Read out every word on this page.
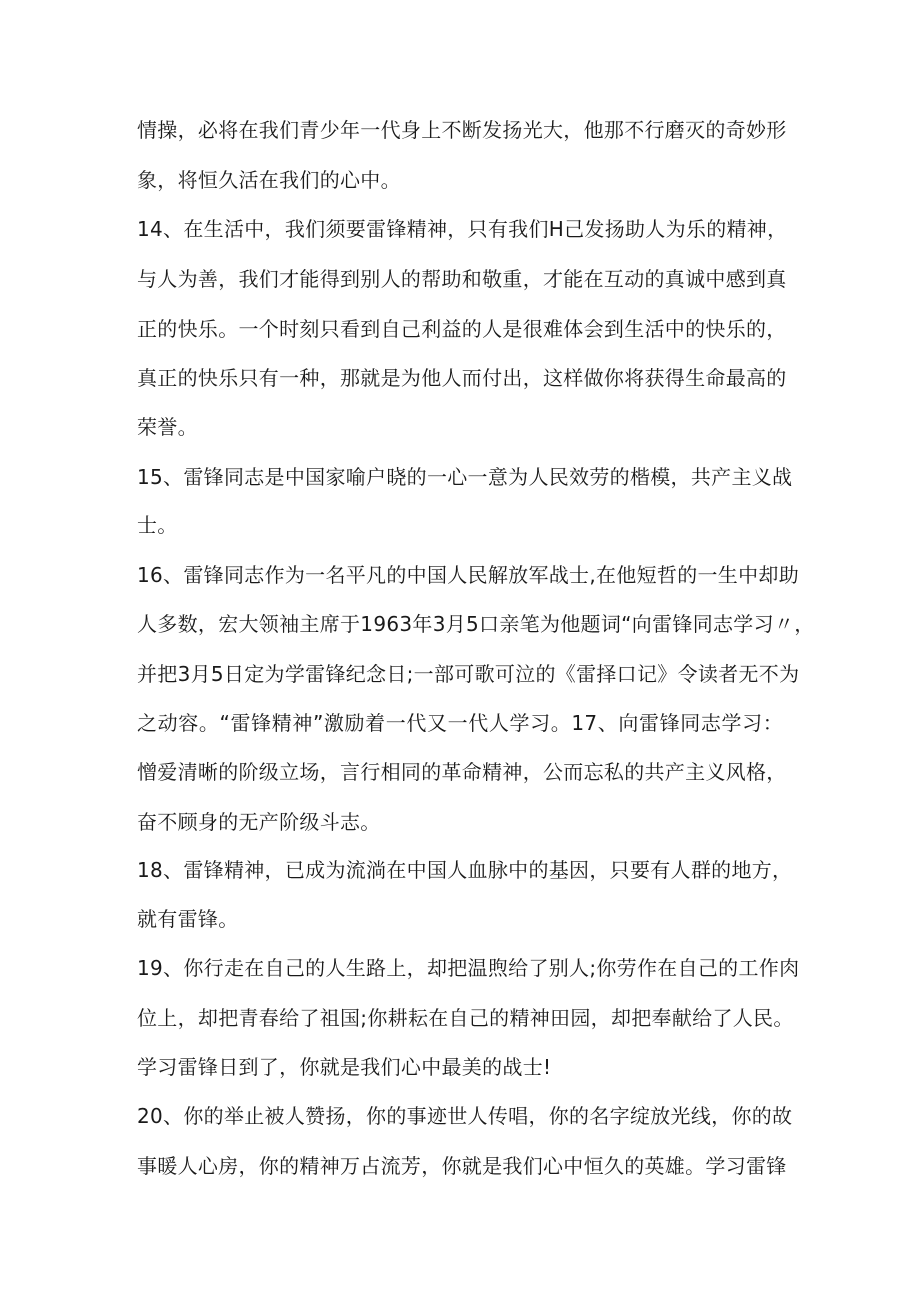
情操，必将在我们青少年一代身上不断发扬光大，他那不行磨灭的奇妙形
象，将恒久活在我们的心中。
14、在生活中，我们须要雷锋精神，只有我们H己发扬助人为乐的精神，
与人为善，我们才能得到别人的帮助和敬重，才能在互动的真诚中感到真
正的快乐。一个时刻只看到自己利益的人是很难体会到生活中的快乐的，
真正的快乐只有一种，那就是为他人而付出，这样做你将获得生命最高的
荣誉。
15、雷锋同志是中国家喻户晓的一心一意为人民效劳的楷模，共产主义战
士。
16、雷锋同志作为一名平凡的中国人民解放军战士,在他短哲的一生中却助
人多数，宏大领袖主席于1963年3月5口亲笔为他题词“向雷锋同志学习〃，
并把3月5日定为学雷锋纪念日;一部可歌可泣的《雷择口记》令读者无不为
之动容。“雷锋精神”激励着一代又一代人学习。17、向雷锋同志学习：
憎爱清晰的阶级立场，言行相同的革命精神，公而忘私的共产主义风格，
奋不顾身的无产阶级斗志。
18、雷锋精神，已成为流淌在中国人血脉中的基因，只要有人群的地方，
就有雷锋。
19、你行走在自己的人生路上，却把温煦给了别人;你劳作在自己的工作肉
位上，却把青春给了祖国;你耕耘在自己的精神田园，却把奉献给了人民。
学习雷锋日到了，你就是我们心中最美的战士!
20、你的举止被人赞扬，你的事迹世人传唱，你的名字绽放光线，你的故
事暖人心房，你的精神万占流芳，你就是我们心中恒久的英雄。学习雷锋
